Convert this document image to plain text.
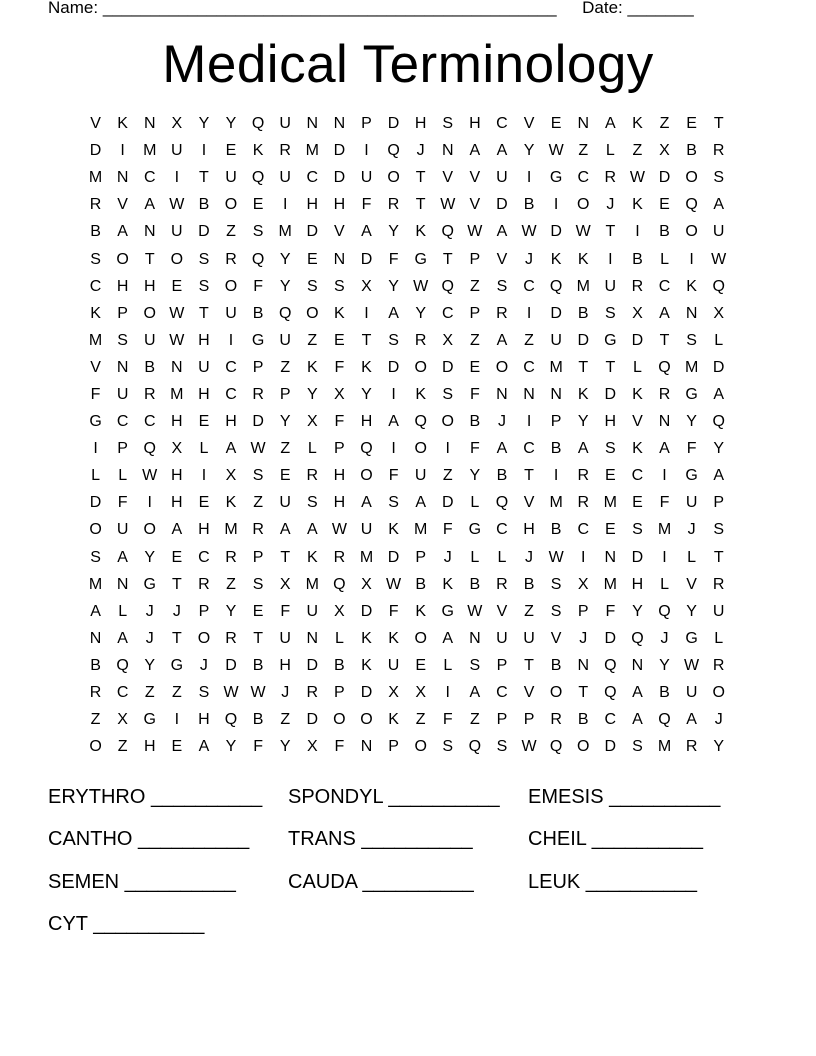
Name: ________________________________________________ Date: _______
Medical Terminology
V	K N X	Y	Y Q U N N P D H S H C V	E N A	K	Z	E	T
D	I	M U	I	E	K R M D	I	Q	J	N A	A	Y W Z	L	Z	X	B R
M N C	I	T	U Q U C D U O T	V	V U	I	G C R W D O S
R V	A W B O E	I	H H	F	R	T W V D B	I	O	J	K	E Q A
B	A N U D	Z	S M D V	A	Y	K Q W A W D W T	I	B O U
S O T O S R Q Y	E N D	F G T	P	V	J	K	K	I	B	L	I	W
C H H E	S O F	Y	S	S	X	Y W Q Z	S C Q M U R C K Q
K	P O W T	U B Q O K	I	A	Y C P R	I	D B	S	X	A N X
M S U W H	I	G U	Z	E	T	S R X	Z	A	Z	U D G D	T	S	L
V N B N U C P	Z	K	F	K D O D E O C M T	T	L	Q M D
F	U R M H C R P	Y	X	Y	I	K	S	F	N N N K D K R G A
G C C H E H D Y	X	F	H A Q O B	J	I	P	Y H V N Y Q
I	P Q X	L	A W Z	L	P Q	I	O	I	F	A C B	A	S	K	A	F	Y
L	L W H	I	X	S	E R H O F	U	Z	Y	B	T	I	R E C	I	G A
D	F	I	H E	K	Z	U S H A	S	A D	L	Q V M R M E	F	U P
O U O A H M R A	A W U K M F G C H B C E	S M	J	S
S	A	Y	E C R P	T	K R M D P	J	L	L	J W	I	N D	I	L	T
M N G T	R	Z	S	X M Q X W B	K	B R B	S	X M H	L	V R
A	L	J	J	P	Y	E	F	U X D	F	K G W V	Z	S	P	F	Y Q Y U
N A	J	T O R	T	U N	L	K	K O A N U U V	J	D Q	J	G	L
B Q Y G	J	D B H D B	K U E	L	S	P	T	B N Q N Y W R
R C	Z	Z	S W W J	R P D X	X	I	A C V O T Q A	B U O
Z	X G	I	H Q B	Z	D O O K	Z	F	Z	P	P R B C A Q A	J
O Z	H E	A	Y	F	Y	X	F	N P O S Q S W Q O D S M R Y
ERYTHRO __________	SPONDYL __________	EMESIS __________
CANTHO __________	TRANS __________	CHEIL __________
SEMEN __________	CAUDA __________	LEUK __________
CYT __________
